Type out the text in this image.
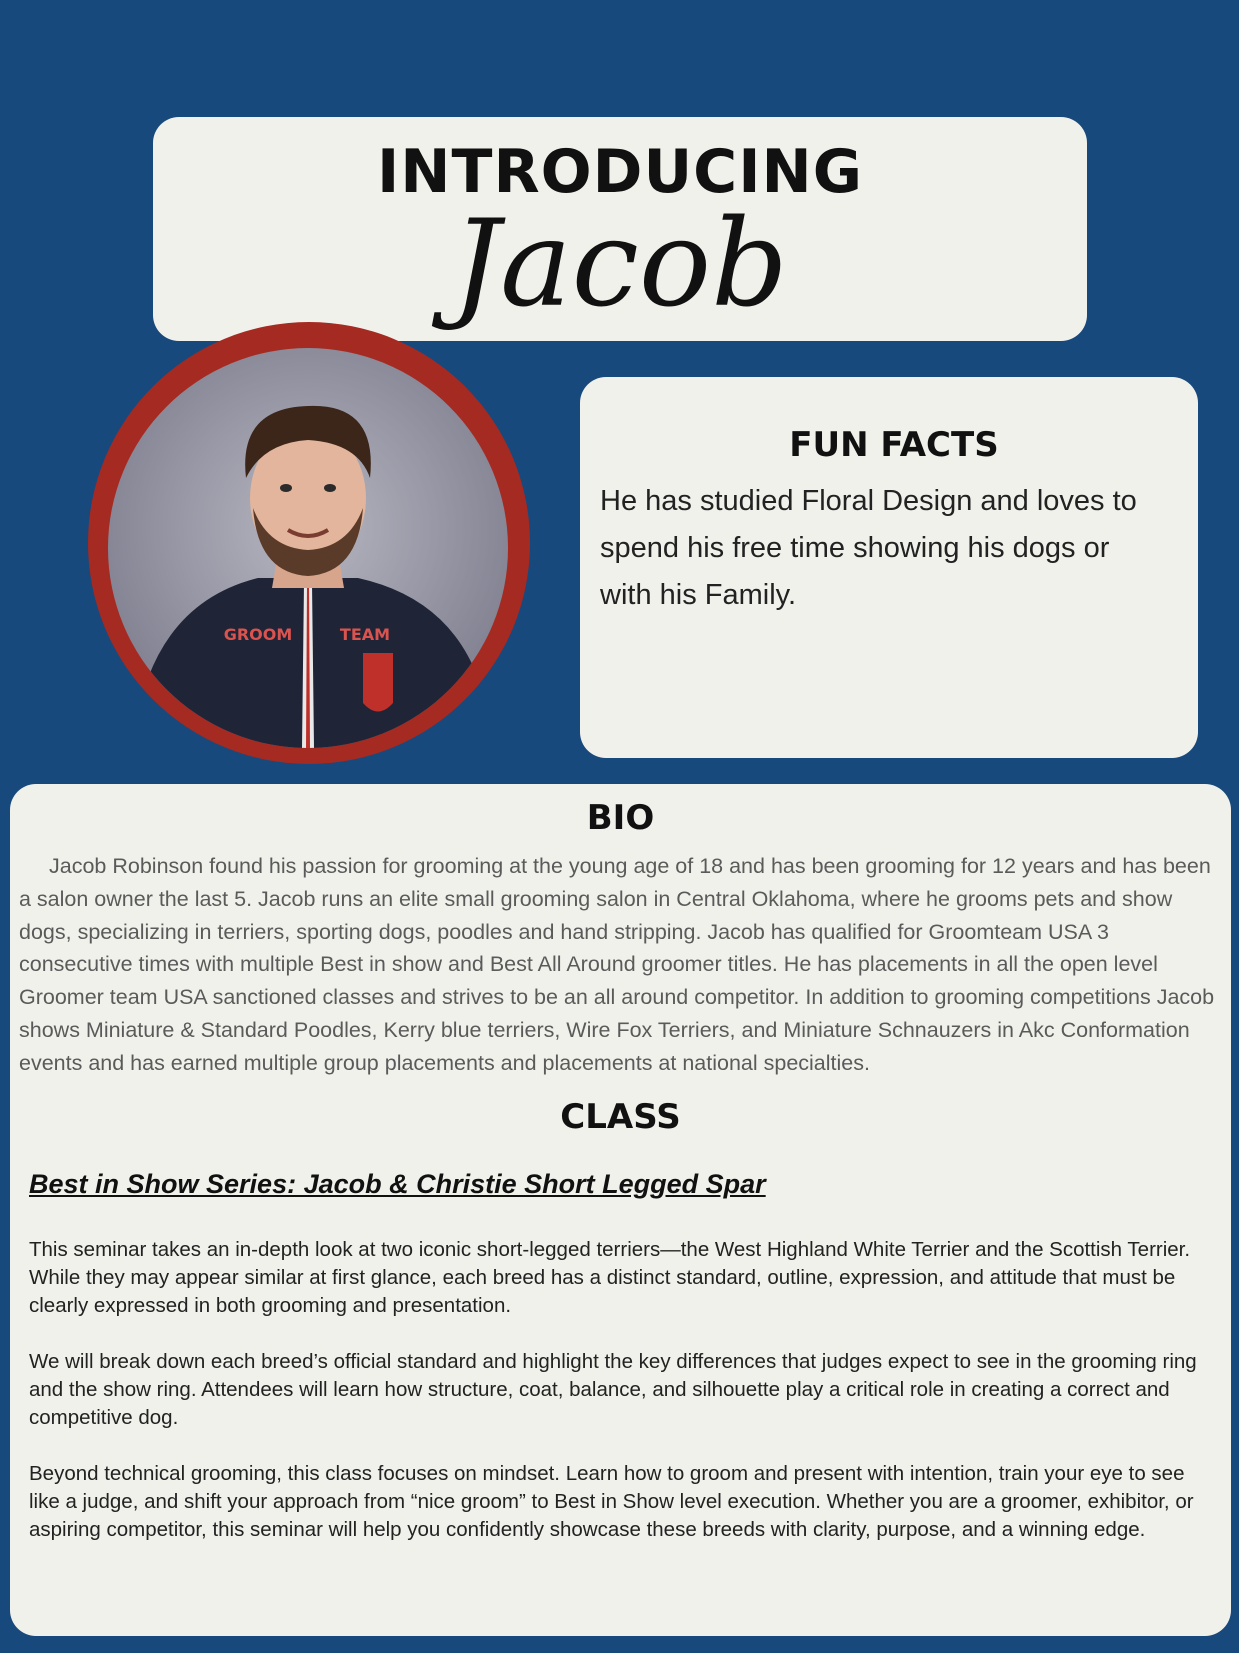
INTRODUCING
Jacob
GROOM	TEAM
FUN FACTS
He has studied Floral Design and loves to spend his free time showing his dogs or with his Family.
BIO
Jacob Robinson found his passion for grooming at the young age of 18 and has been grooming for 12 years and has been a salon owner the last 5. Jacob runs an elite small grooming salon in Central Oklahoma, where he grooms pets and show dogs, specializing in terriers, sporting dogs, poodles and hand stripping. Jacob has qualified for Groomteam USA 3 consecutive times with multiple Best in show and Best All Around groomer titles. He has placements in all the open level Groomer team USA sanctioned classes and strives to be an all around competitor. In addition to grooming competitions Jacob shows Miniature & Standard Poodles, Kerry blue terriers, Wire Fox Terriers, and Miniature Schnauzers in Akc Conformation events and has earned multiple group placements and placements at national specialties.
CLASS
Best in Show Series: Jacob & Christie Short Legged Spar
This seminar takes an in-depth look at two iconic short-legged terriers—the West Highland White Terrier and the Scottish Terrier. While they may appear similar at first glance, each breed has a distinct standard, outline, expression, and attitude that must be clearly expressed in both grooming and presentation.
We will break down each breed’s official standard and highlight the key differences that judges expect to see in the grooming ring and the show ring. Attendees will learn how structure, coat, balance, and silhouette play a critical role in creating a correct and competitive dog.
Beyond technical grooming, this class focuses on mindset. Learn how to groom and present with intention, train your eye to see like a judge, and shift your approach from “nice groom” to Best in Show level execution. Whether you are a groomer, exhibitor, or aspiring competitor, this seminar will help you confidently showcase these breeds with clarity, purpose, and a winning edge.
